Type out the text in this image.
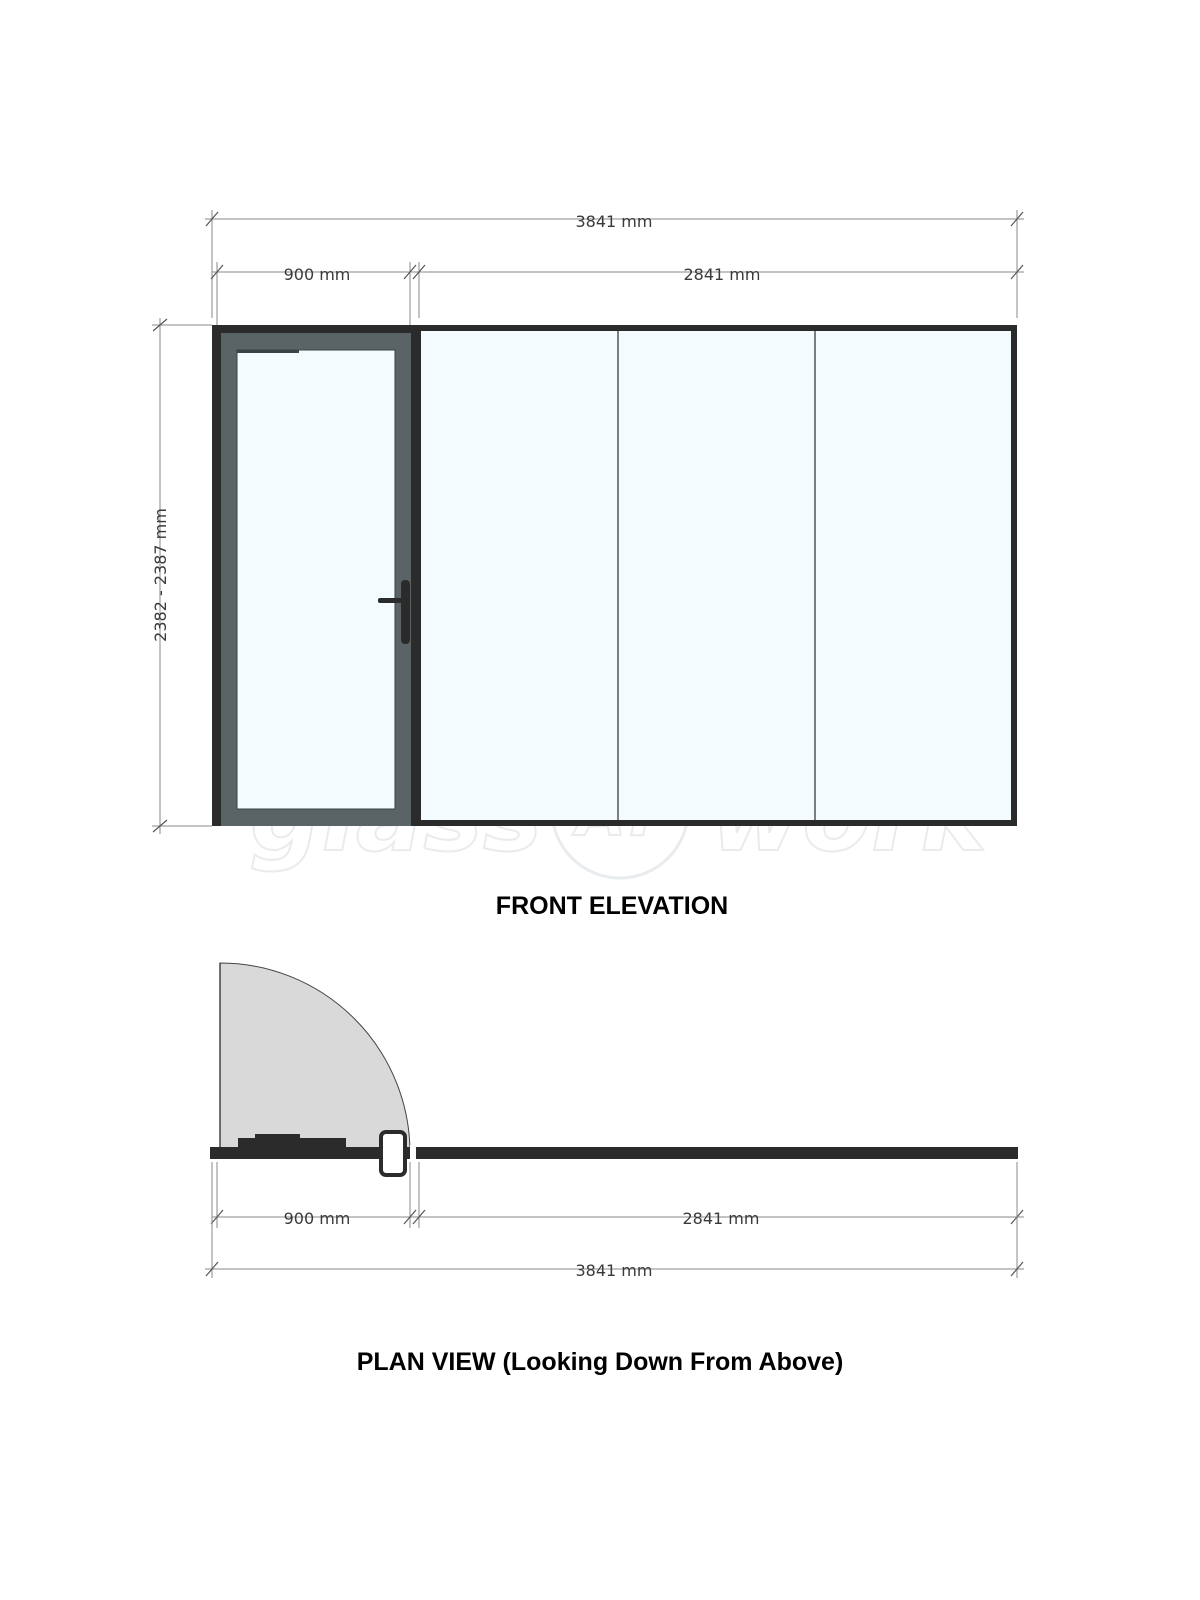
3841 mm
900 mm	2841 mm
2382 - 2387 mm
FRONT ELEVATION
900 mm	2841 mm
3841 mm
PLAN VIEW (Looking Down From Above)
